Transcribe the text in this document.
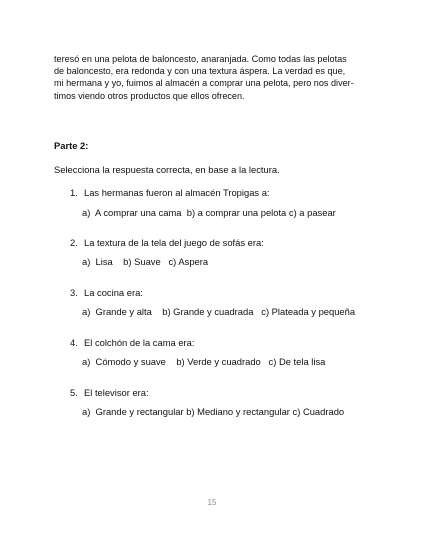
teresó en una pelota de baloncesto, anaranjada. Como todas las pelotas
de baloncesto, era redonda y con una textura áspera. La verdad es que,
mi hermana y yo, fuimos al almacén a comprar una pelota, pero nos diver-
timos viendo otros productos que ellos ofrecen.
Parte 2:
Selecciona la respuesta correcta, en base a la lectura.
1. Las hermanas fueron al almacén Tropigas a:
a)  A comprar una cama  b) a comprar una pelota c) a pasear
2. La textura de la tela del juego de sofás era:
a)  Lisa    b) Suave   c) Aspera
3. La cocina era:
a)  Grande y alta    b) Grande y cuadrada   c) Plateada y pequeña
4. El colchón de la cama era:
a)  Cómodo y suave    b) Verde y cuadrado   c) De tela lisa
5. El televisor era:
a)  Grande y rectangular b) Mediano y rectangular c) Cuadrado
15
